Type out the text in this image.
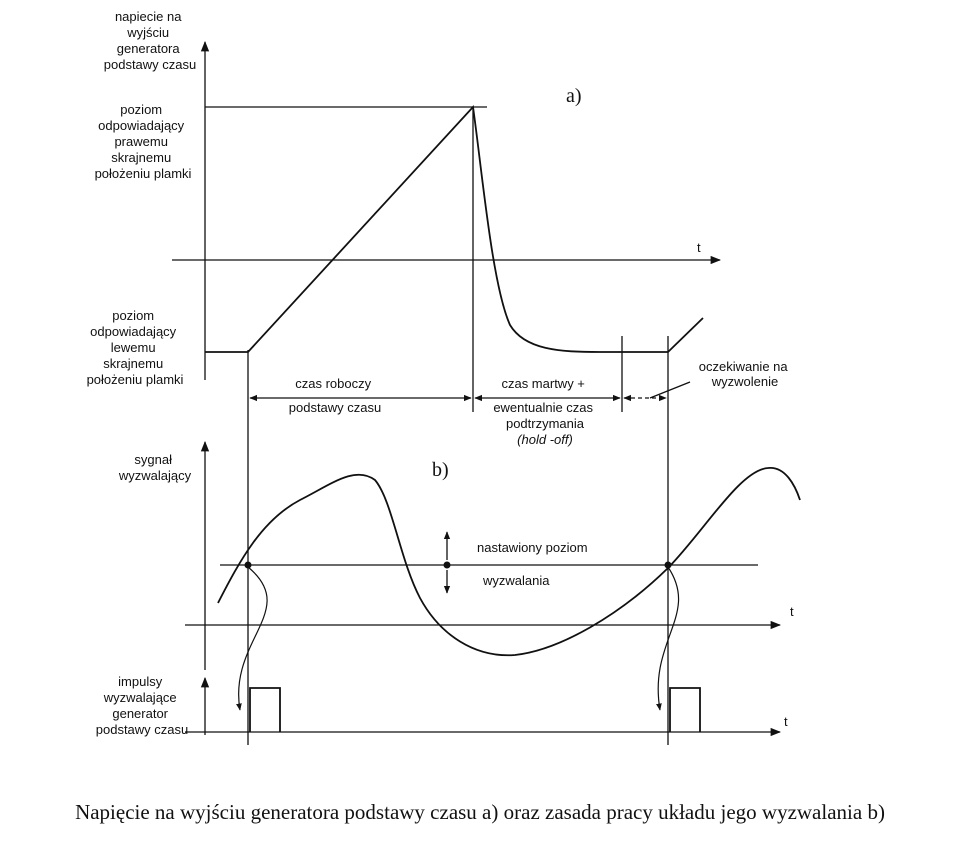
a)
napiecie na wyjściu generatora podstawy czasu
poziom odpowiadający prawemu skrajnemu położeniu plamki
poziom odpowiadający lewemu skrajnemu położeniu plamki
t
czas roboczy podstawy czasu
czas martwy + ewentualnie czas podtrzymania
(hold -off)
oczekiwanie na wyzwolenie
b)
sygnał wyzwalający
nastawiony poziom
wyzwalania
t
impulsy wyzwalające generator podstawy czasu
t
Napięcie na wyjściu generatora podstawy czasu a) oraz zasada pracy układu jego wyzwalania b)
